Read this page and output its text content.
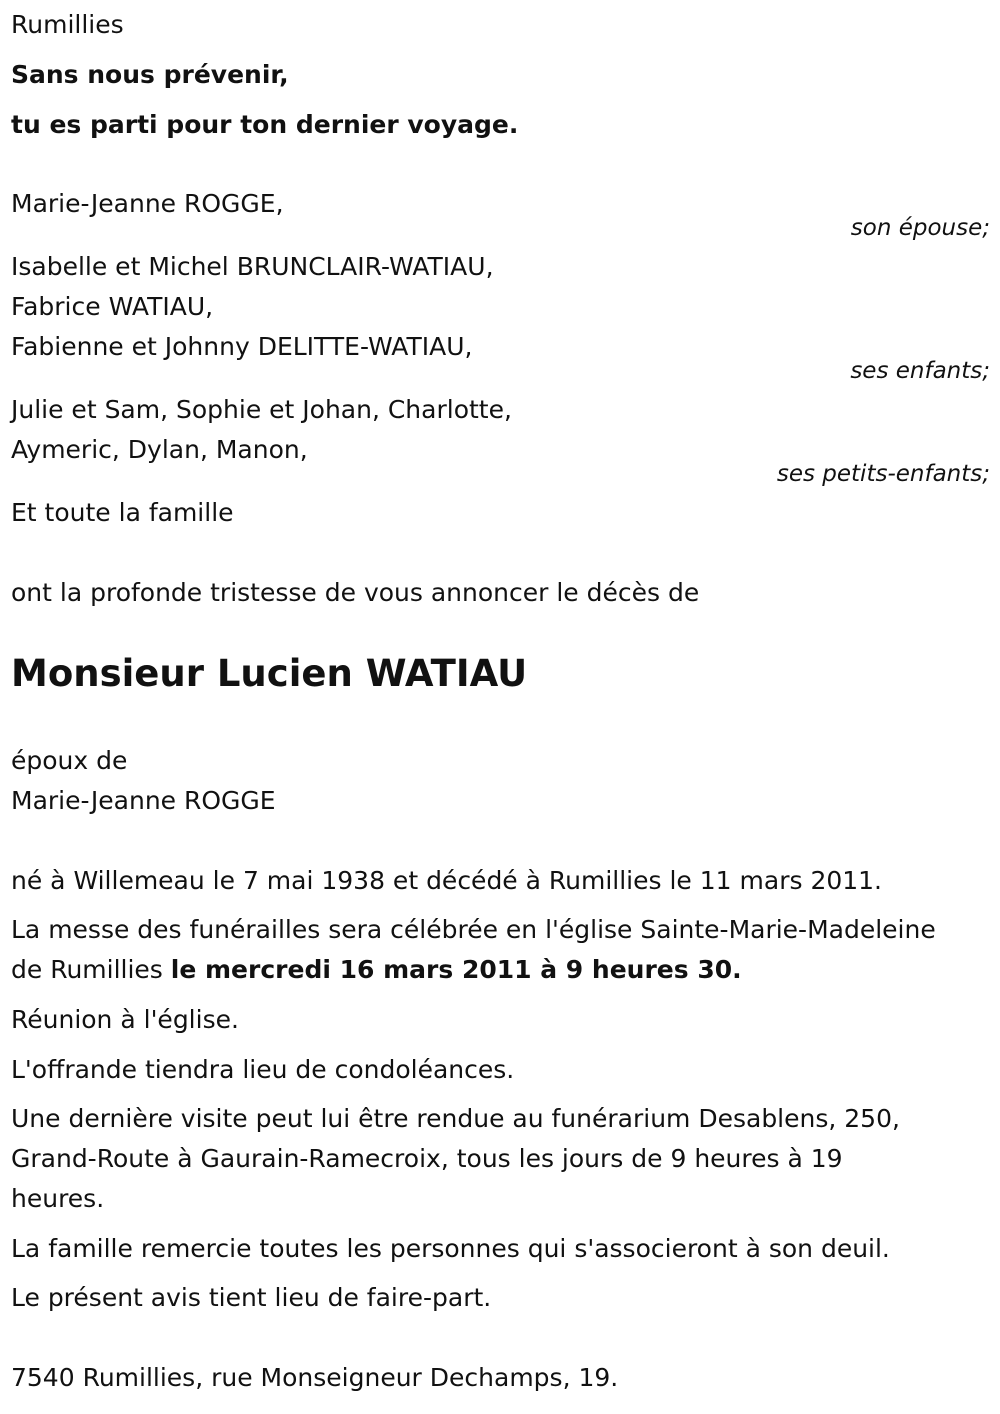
Rumillies
Sans nous prévenir,
tu es parti pour ton dernier voyage.
Marie-Jeanne ROGGE,
son épouse;
Isabelle et Michel BRUNCLAIR-WATIAU,
Fabrice WATIAU,
Fabienne et Johnny DELITTE-WATIAU,
ses enfants;
Julie et Sam, Sophie et Johan, Charlotte,
Aymeric, Dylan, Manon,
ses petits-enfants;
Et toute la famille
ont la profonde tristesse de vous annoncer le décès de
Monsieur Lucien WATIAU
époux de
Marie-Jeanne ROGGE
né à Willemeau le 7 mai 1938 et décédé à Rumillies le 11 mars 2011.
La messe des funérailles sera célébrée en l'église Sainte-Marie-Madeleine
de Rumillies le mercredi 16 mars 2011 à 9 heures 30.
Réunion à l'église.
L'offrande tiendra lieu de condoléances.
Une dernière visite peut lui être rendue au funérarium Desablens, 250,
Grand-Route à Gaurain-Ramecroix, tous les jours de 9 heures à 19
heures.
La famille remercie toutes les personnes qui s'associeront à son deuil.
Le présent avis tient lieu de faire-part.
7540 Rumillies, rue Monseigneur Dechamps, 19.
